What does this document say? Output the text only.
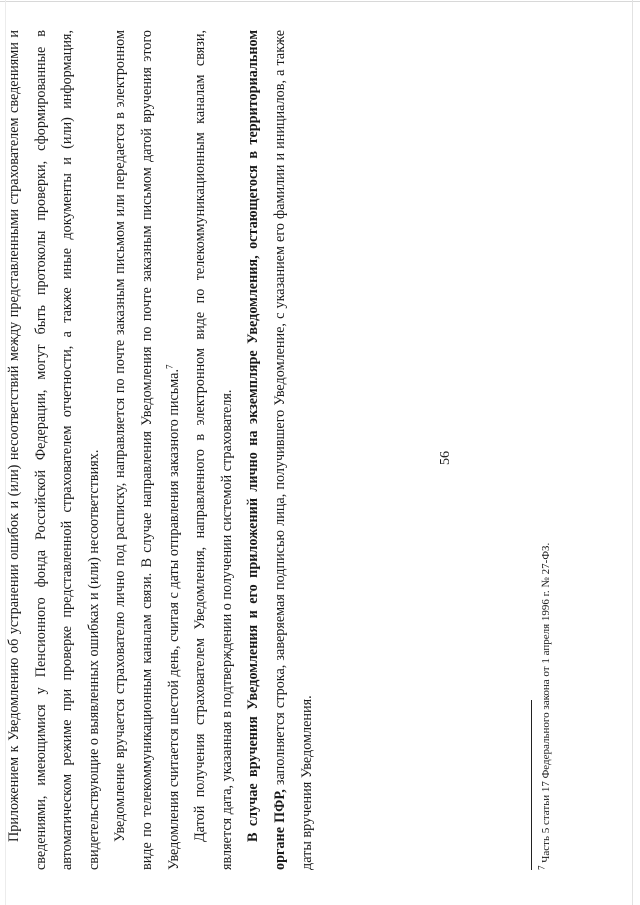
56

Приложением к Уведомлению об устранении ошибок и (или) несоответствий между представленными страхователем сведениями и сведениями, имеющимися у Пенсионного фонда Российской Федерации, могут быть протоколы проверки, сформированные в автоматическом режиме при проверке представленной страхователем отчетности, а также иные документы и (или) информация, свидетельствующие о выявленных ошибках и (или) несоответствиях. Уведомление вручается страхователю лично под расписку, направляется по почте заказным письмом или передается в электронном виде по телекоммуникационным каналам связи. В случае направления Уведомления по почте заказным письмом датой вручения этого Уведомления считается шестой день, считая с даты отправления заказного письма.$^7$	Датой получения страхователем Уведомления, направленного в электронном виде по телекоммуникационным каналам связи, является дата, указанная в подтверждении о получении системой страхователя. В случае вручения Уведомления и его приложений лично на экземпляре Уведомления, остающегося в территориальном органе ПФР, заполняется строка, заверяемая подписью лица, получившего Уведомление, с указанием его фамилии и инициалов, а также даты вручения Уведомления.	$^7$ Часть 5 статьи 17 Федерального закона от 1 апреля 1996 г. № 27-ФЗ.
